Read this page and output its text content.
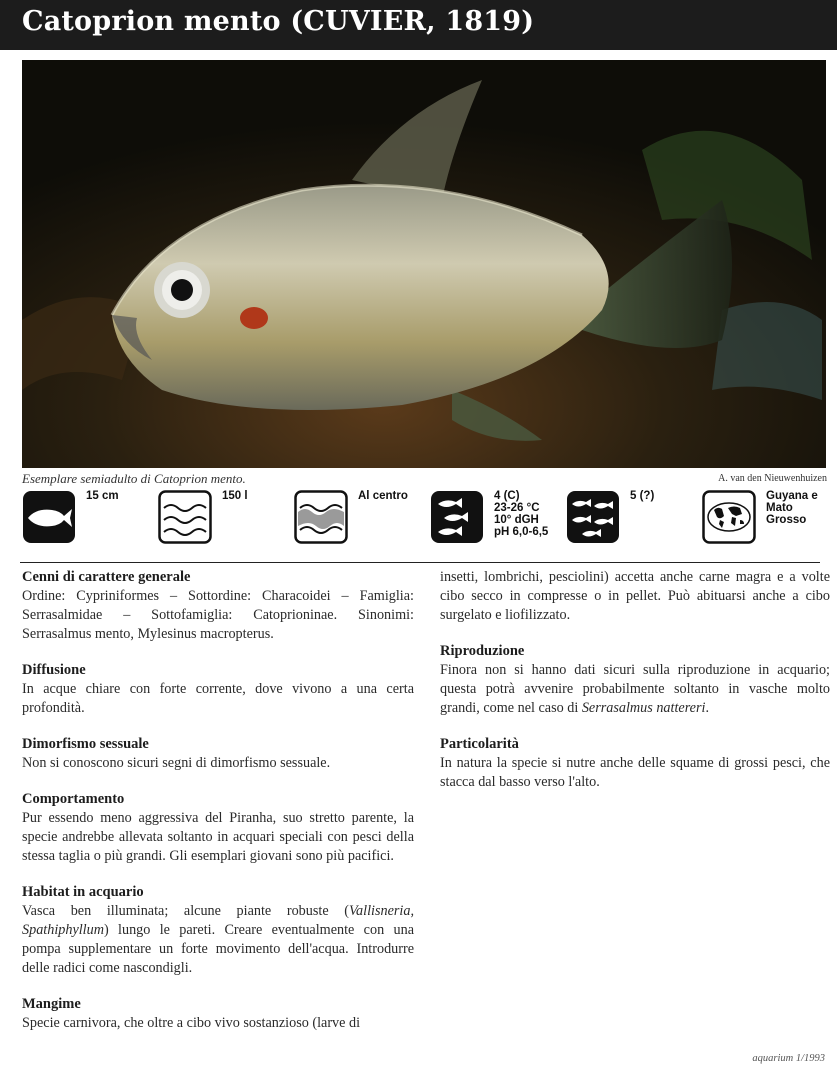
Catoprion mento (CUVIER, 1819)
Esemplare semiadulto di Catoprion mento.	A. van den Nieuwenhuizen
15 cm	150 l	Al centro	4 (C)
23-26 °C
10° dGH
pH 6,0-6,5
5 (?)	Guyana e
Mato
Grosso
Cenni di carattere generale

Ordine: Cypriniformes – Sottordine: Characoidei – Famiglia: Serrasalmidae – Sottofamiglia: Catoprioninae. Sinonimi: Serrasalmus mento, Mylesinus macropterus.

Diffusione

In acque chiare con forte corrente, dove vivono a una certa profondità.

Dimorfismo sessuale

Non si conoscono sicuri segni di dimorfismo sessuale.

Comportamento

Pur essendo meno aggressiva del Piranha, suo stretto parente, la specie andrebbe allevata soltanto in acquari speciali con pesci della stessa taglia o più grandi. Gli esemplari giovani sono più pacifici.

Habitat in acquario

Vasca ben illuminata; alcune piante robuste (Vallisneria, Spathiphyllum) lungo le pareti. Creare eventualmente con una pompa supplementare un forte movimento dell'acqua. Introdurre delle radici come nascondigli.

Mangime

Specie carnivora, che oltre a cibo vivo sostanzioso (larve di

insetti, lombrichi, pesciolini) accetta anche carne magra e a volte cibo secco in compresse o in pellet. Può abituarsi anche a cibo surgelato e liofilizzato.

Riproduzione

Finora non si hanno dati sicuri sulla riproduzione in acquario; questa potrà avvenire probabilmente soltanto in vasche molto grandi, come nel caso di Serrasalmus nattereri.

Particolarità

In natura la specie si nutre anche delle squame di grossi pesci, che stacca dal basso verso l'alto.

aquarium 1/1993
